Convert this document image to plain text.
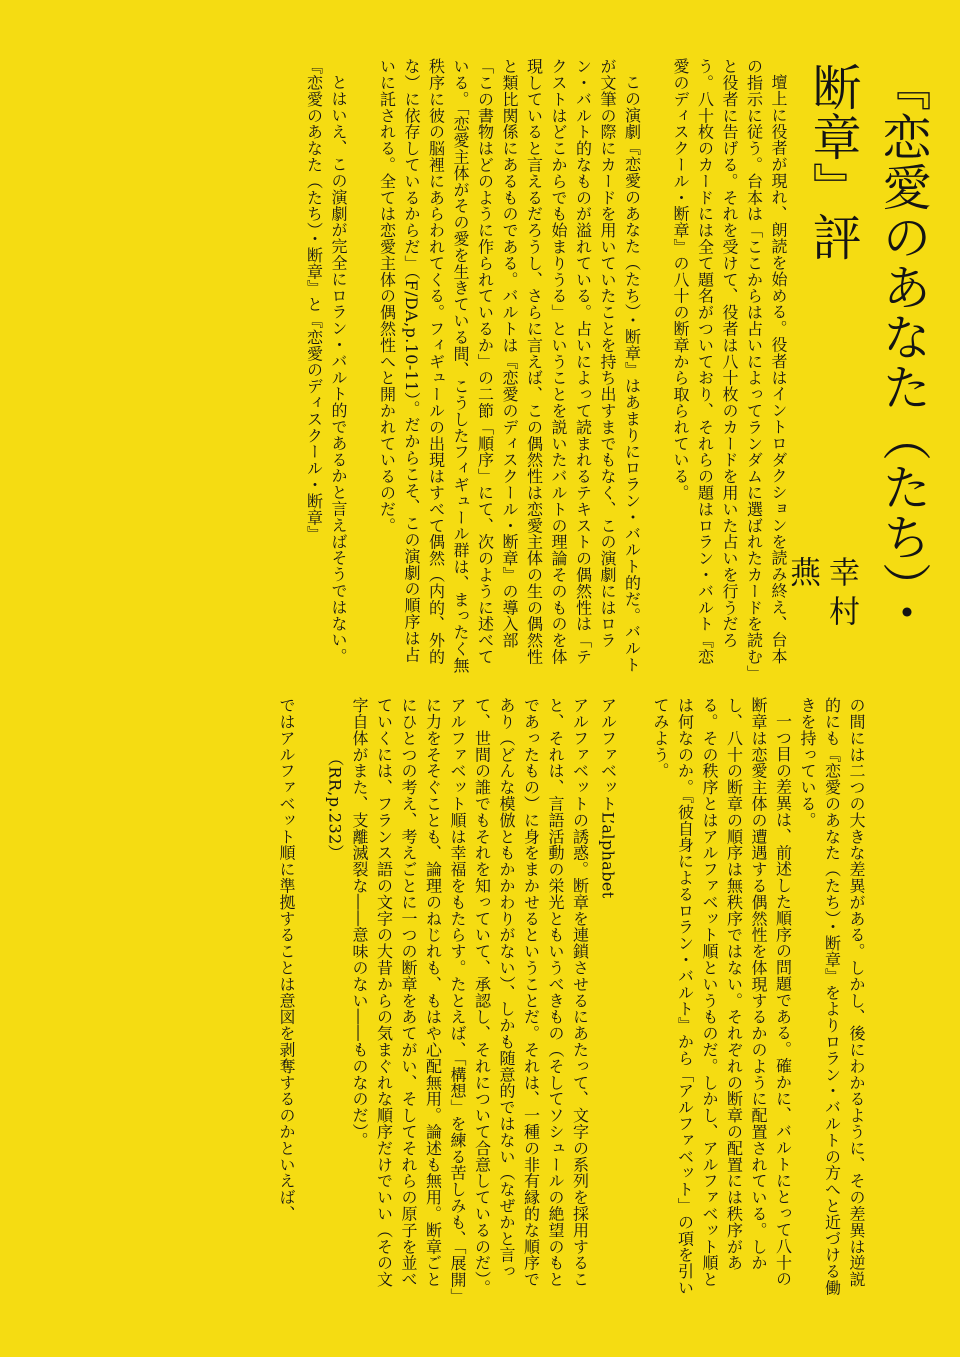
『恋愛のあなた（たち）・断章』評
幸村　燕

壇上に役者が現れ、朗読を始める。役者はイントロダクションを読み終え、台本の指示に従う。台本は「ここからは占いによってランダムに選ばれたカードを読む」と役者に告げる。それを受けて、役者は八十枚のカードを用いた占いを行うだろう。八十枚のカードには全て題名がついており、それらの題はロラン・バルト『恋愛のディスクール・断章』の八十の断章から取られている。

この演劇『恋愛のあなた（たち）・断章』はあまりにロラン・バルト的だ。バルトが文筆の際にカードを用いていたことを持ち出すまでもなく、この演劇にはロラン・バルト的なものが溢れている。占いによって読まれるテキストの偶然性は「テクストはどこからでも始まりうる」ということを説いたバルトの理論そのものを体現していると言えるだろうし、さらに言えば、この偶然性は恋愛主体の生の偶然性と類比関係にあるものである。バルトは『恋愛のディスクール・断章』の導入部「この書物はどのように作られているか」の二節「順序」にて、次のように述べている。「恋愛主体がその愛を生きている間、こうしたフィギュール群は、まったく無秩序に彼の脳裡にあらわれてくる。フィギュールの出現はすべて偶然（内的、外的な）に依存しているからだ」（F/DA,p.10-11）。だからこそ、この演劇の順序は占いに託される。全ては恋愛主体の偶然性へと開かれているのだ。

とはいえ、この演劇が完全にロラン・バルト的であるかと言えばそうではない。『恋愛のあなた（たち）・断章』と『恋愛のディスクール・断章』

の間には二つの大きな差異がある。しかし、後にわかるように、その差異は逆説的にも『恋愛のあなた（たち）・断章』をよりロラン・バルトの方へと近づける働きを持っている。

一つ目の差異は、前述した順序の問題である。確かに、バルトにとって八十の断章は恋愛主体の遭遇する偶然性を体現するかのように配置されている。しかし、八十の断章の順序は無秩序ではない。それぞれの断章の配置には秩序がある。その秩序とはアルファベット順というものだ。しかし、アルファベット順とは何なのか。『彼自身によるロラン・バルト』から「アルファベット」の項を引いてみよう。

アルファベットL’alphabet

アルファベットの誘惑。断章を連鎖させるにあたって、文字の系列を採用すること、それは、言語活動の栄光ともいうべきもの（そしてソシュールの絶望のもとであったもの）に身をまかせるということだ。それは、一種の非有縁的な順序であり（どんな模倣ともかかわりがない）、しかも随意的ではない（なぜかと言って、世間の誰でもそれを知っていて、承認し、それについて合意しているのだ）。アルファベット順は幸福をもたらす。たとえば、「構想」を練る苦しみも、「展開」に力をそそぐことも、論理のねじれも、もはや心配無用。論述も無用。断章ごとにひとつの考え、考えごとに一つの断章をあてがい、そしてそれらの原子を並べていくには、フランス語の文字の大昔からの気まぐれな順序だけでいい（その文字自体がまた、支離滅裂な――意味のない――ものなのだ）。

（RR,p.232）

ではアルファベット順に準拠することは意図を剥奪するのかといえば、
